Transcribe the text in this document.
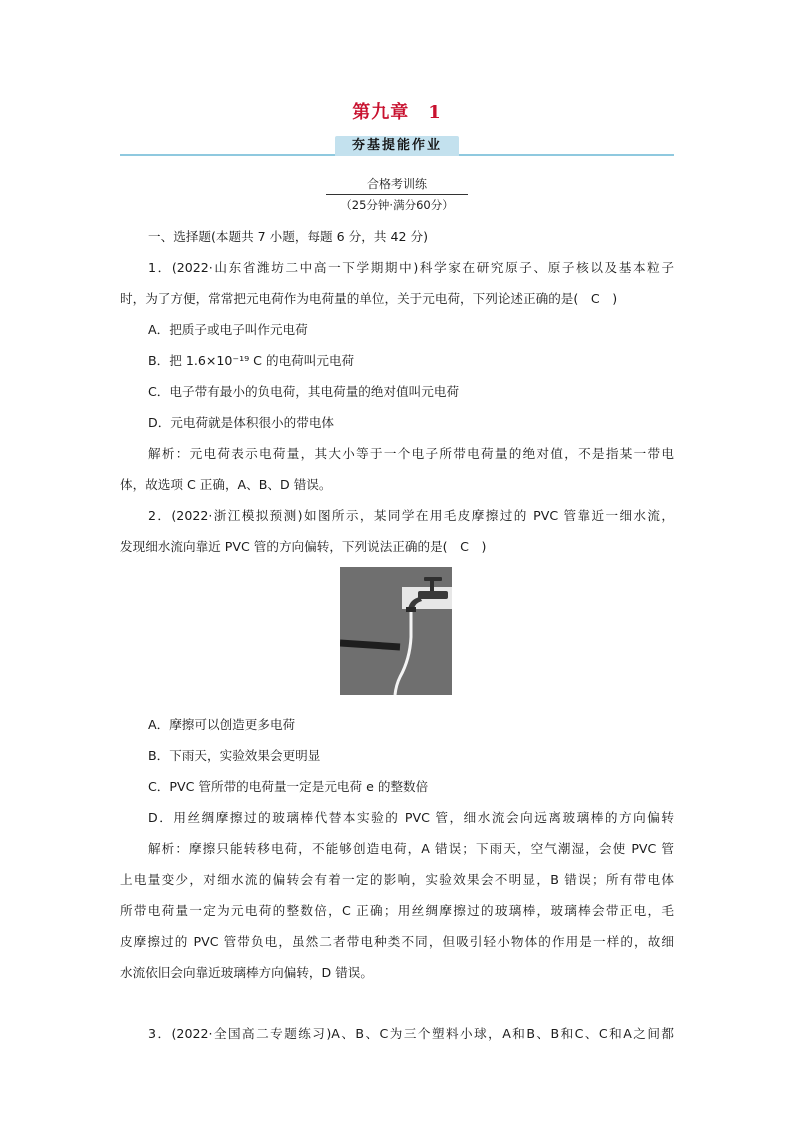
第九章　1
夯基提能作业
合格考训练
（25分钟·满分60分）
一、选择题(本题共 7 小题，每题 6 分，共 42 分)
1．(2022·山东省潍坊二中高一下学期期中)科学家在研究原子、原子核以及基本粒子
时，为了方便，常常把元电荷作为电荷量的单位，关于元电荷，下列论述正确的是(　C　)
A．把质子或电子叫作元电荷
B．把 1.6×10⁻¹⁹ C 的电荷叫元电荷
C．电子带有最小的负电荷，其电荷量的绝对值叫元电荷
D．元电荷就是体积很小的带电体
解析：元电荷表示电荷量，其大小等于一个电子所带电荷量的绝对值，不是指某一带电
体，故选项 C 正确，A、B、D 错误。
2．(2022·浙江模拟预测)如图所示，某同学在用毛皮摩擦过的 PVC 管靠近一细水流，
发现细水流向靠近 PVC 管的方向偏转，下列说法正确的是(　C　)
A．摩擦可以创造更多电荷
B．下雨天，实验效果会更明显
C．PVC 管所带的电荷量一定是元电荷 e 的整数倍
D．用丝绸摩擦过的玻璃棒代替本实验的 PVC 管，细水流会向远离玻璃棒的方向偏转
解析：摩擦只能转移电荷，不能够创造电荷，A 错误；下雨天，空气潮湿，会使 PVC 管
上电量变少，对细水流的偏转会有着一定的影响，实验效果会不明显，B 错误；所有带电体
所带电荷量一定为元电荷的整数倍，C 正确；用丝绸摩擦过的玻璃棒，玻璃棒会带正电，毛
皮摩擦过的 PVC 管带负电，虽然二者带电种类不同，但吸引轻小物体的作用是一样的，故细
水流依旧会向靠近玻璃棒方向偏转，D 错误。
3．(2022·全国高二专题练习)A、B、C为三个塑料小球，A和B、B和C、C和A之间都
